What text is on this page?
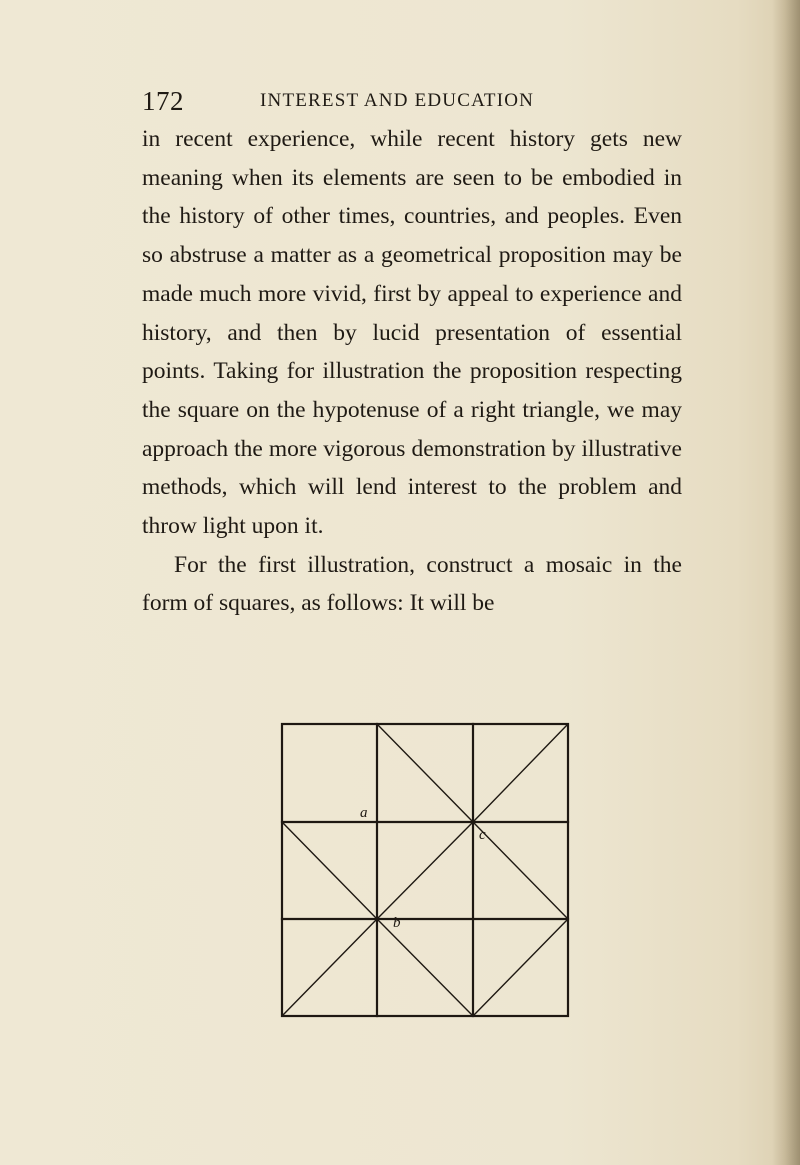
172	INTEREST AND EDUCATION

in recent experience, while recent history gets new meaning when its elements are seen to be embodied in the history of other times, countries, and peoples. Even so abstruse a matter as a geometrical proposition may be made much more vivid, first by appeal to experience and history, and then by lucid presentation of essential points. Taking for illustration the proposition respecting the square on the hypotenuse of a right triangle, we may approach the more vigorous demonstration by illustrative methods, which will lend interest to the problem and throw light upon it.

For the first illustration, construct a mosaic in the form of squares, as follows: It will be

a
b
c
